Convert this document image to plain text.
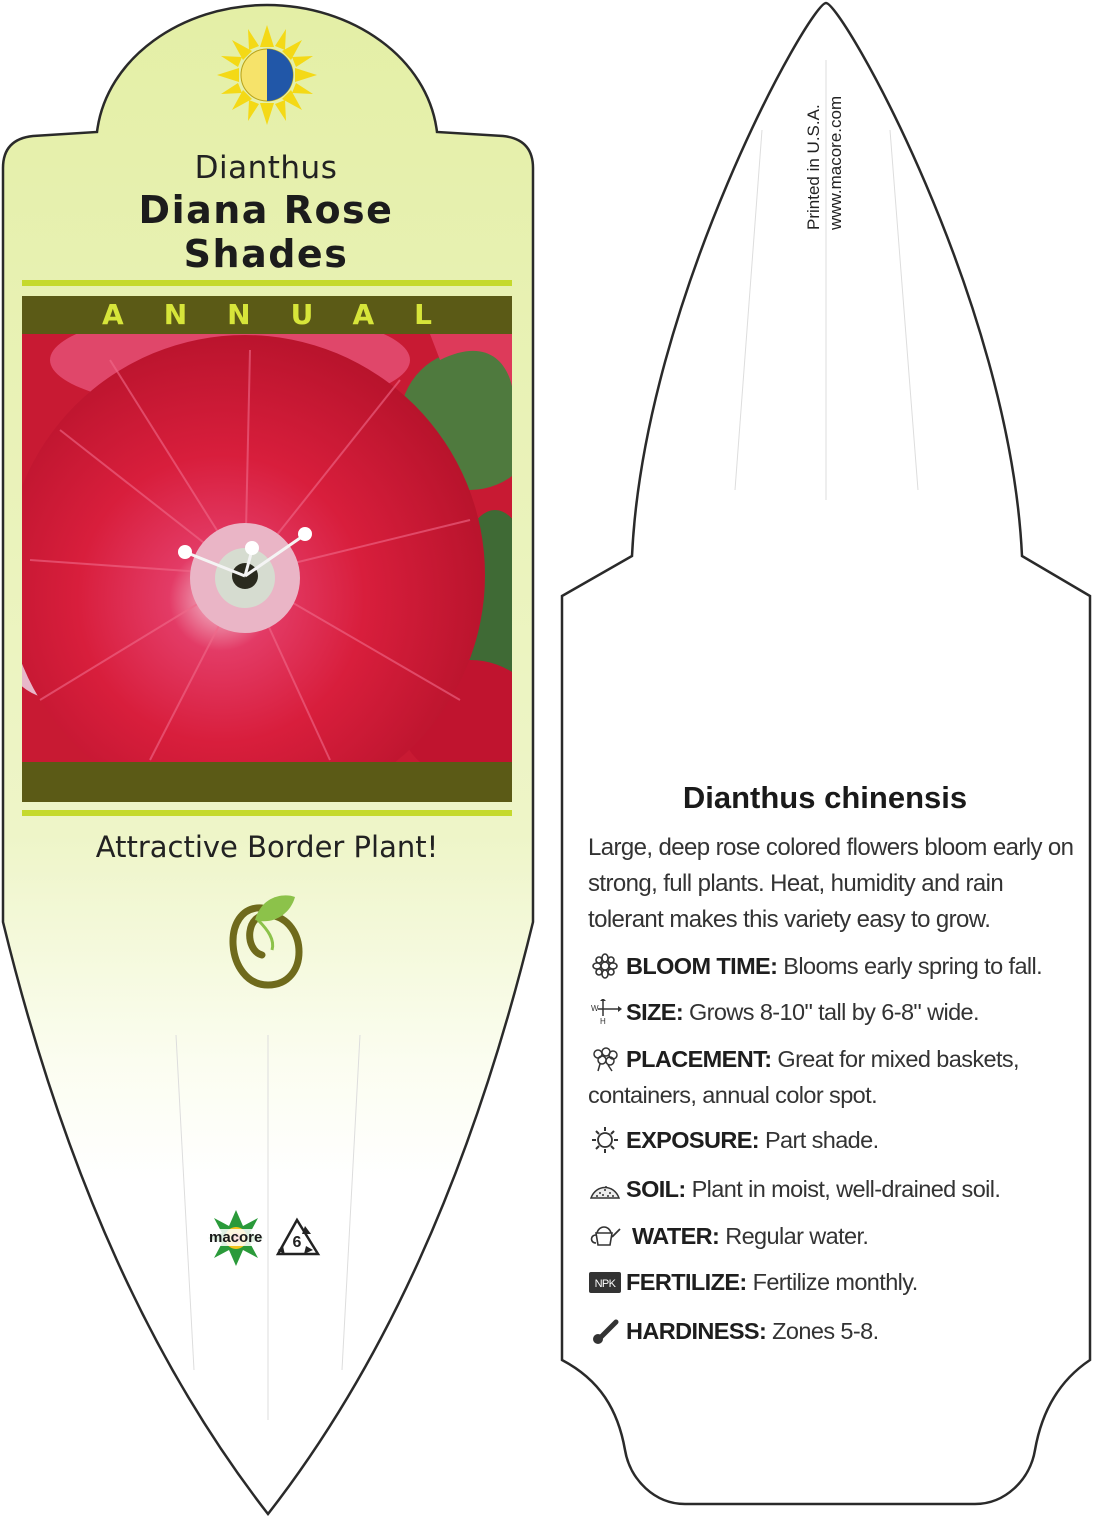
Dianthus
Diana Rose
Shades
ANNUAL
Attractive Border Plant!
macore 6
Printed in U.S.A. www.macore.com
Dianthus chinensis
Large, deep rose colored flowers bloom early on strong, full plants. Heat, humidity and rain tolerant makes this variety easy to grow.
BLOOM TIME: Blooms early spring to fall.
W
H SIZE: Grows 8-10" tall by 6-8" wide.
PLACEMENT: Great for mixed baskets, containers, annual color spot.
EXPOSURE: Part shade.
SOIL: Plant in moist, well-drained soil.
WATER: Regular water.
NPK FERTILIZE: Fertilize monthly.
HARDINESS: Zones 5-8.
